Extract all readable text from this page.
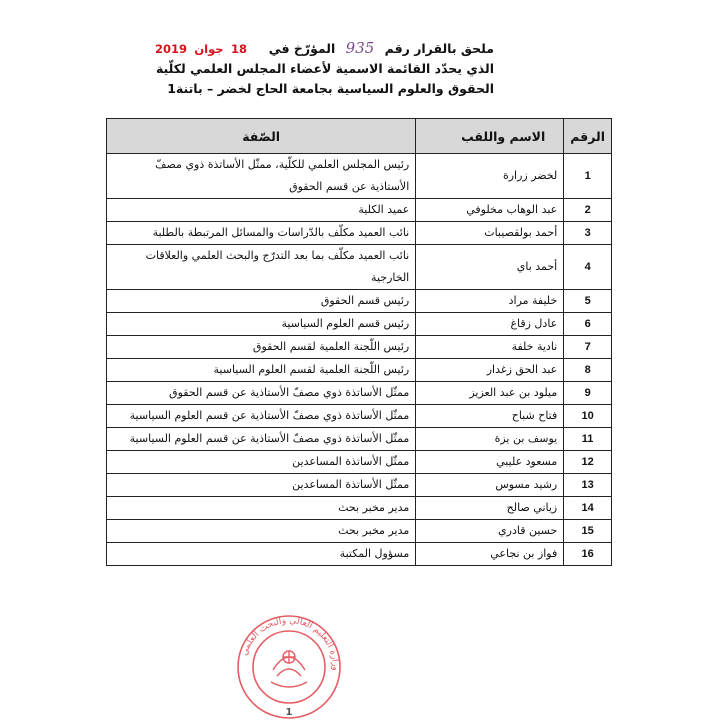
ملحق بالقرار رقم 935 المؤرّخ في  18 جوان 2019
الذي يحدّد القائمة الاسمية لأعضاء المجلس العلمي لكلّية
الحقوق والعلوم السياسية بجامعة الحاج لخضر – باتنة1
الرقم	الاسم واللقب	الصّفة
1	لخضر زرارة	رئيس المجلس العلمي للكلّية، ممثّل الأساتذة ذوي مصفّ الأستاذية عن قسم الحقوق
2	عبد الوهاب مخلوفي	عميد الكلية
3	أحمد بولقصيبات	نائب العميد مكلّف بالدّراسات والمسائل المرتبطة بالطلبة
4	أحمد باي	نائب العميد مكلّف بما بعد التدرّج والبحث العلمي والعلاقات الخارجية
5	خليفة مراد	رئيس قسم الحقوق
6	عادل زقاغ	رئيس قسم العلوم السياسية
7	نادية خلفة	رئيس اللّجنة العلمية لقسم الحقوق
8	عبد الحق زغدار	رئيس اللّجنة العلمية لقسم العلوم السياسية
9	ميلود بن عبد العزيز	ممثّل الأساتذة ذوي مصفّ الأستاذية عن قسم الحقوق
10	فتاح شباح	ممثّل الأساتذة ذوي مصفّ الأستاذية عن قسم العلوم السياسية
11	يوسف بن يزة	ممثّل الأساتذة ذوي مصفّ الأستاذية عن قسم العلوم السياسية
12	مسعود عليبي	ممثّل الأساتذة المساعدين
13	رشيد مسوس	ممثّل الأساتذة المساعدين
14	زياني صالح	مدير مخبر بحث
15	حسين قادري	مدير مخبر بحث
16	فواز بن نجاعي	مسؤول المكتبة
وزارة التعليم العالي والبحث العلمي
1
